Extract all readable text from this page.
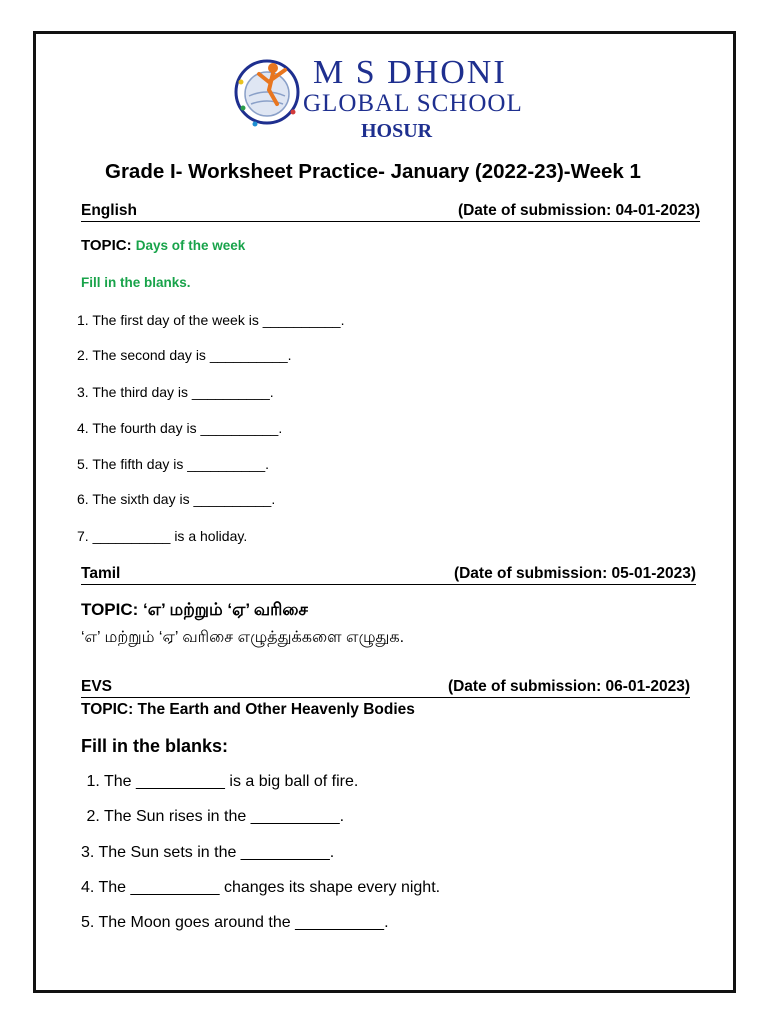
M S DHONI
GLOBAL SCHOOL
HOSUR
Grade I- Worksheet Practice- January (2022-23)-Week 1
English	(Date of submission: 04-01-2023)
TOPIC: Days of the week
Fill in the blanks.
1. The first day of the week is __________.
2. The second day is __________.
3. The third day is __________.
4. The fourth day is __________.
5. The fifth day is __________.
6. The sixth day is __________.
7. __________ is a holiday.
Tamil	(Date of submission: 05-01-2023)
TOPIC: ‘எ’ மற்றும் ‘ஏ’ வரிசை
‘எ’ மற்றும் ‘ஏ’ வரிசை எழுத்துக்களை எழுதுக.
EVS	(Date of submission: 06-01-2023)
TOPIC: The Earth and Other Heavenly Bodies
Fill in the blanks:
1. The __________ is a big ball of fire.
2. The Sun rises in the __________.
3. The Sun sets in the __________.
4. The __________ changes its shape every night.
5. The Moon goes around the __________.
